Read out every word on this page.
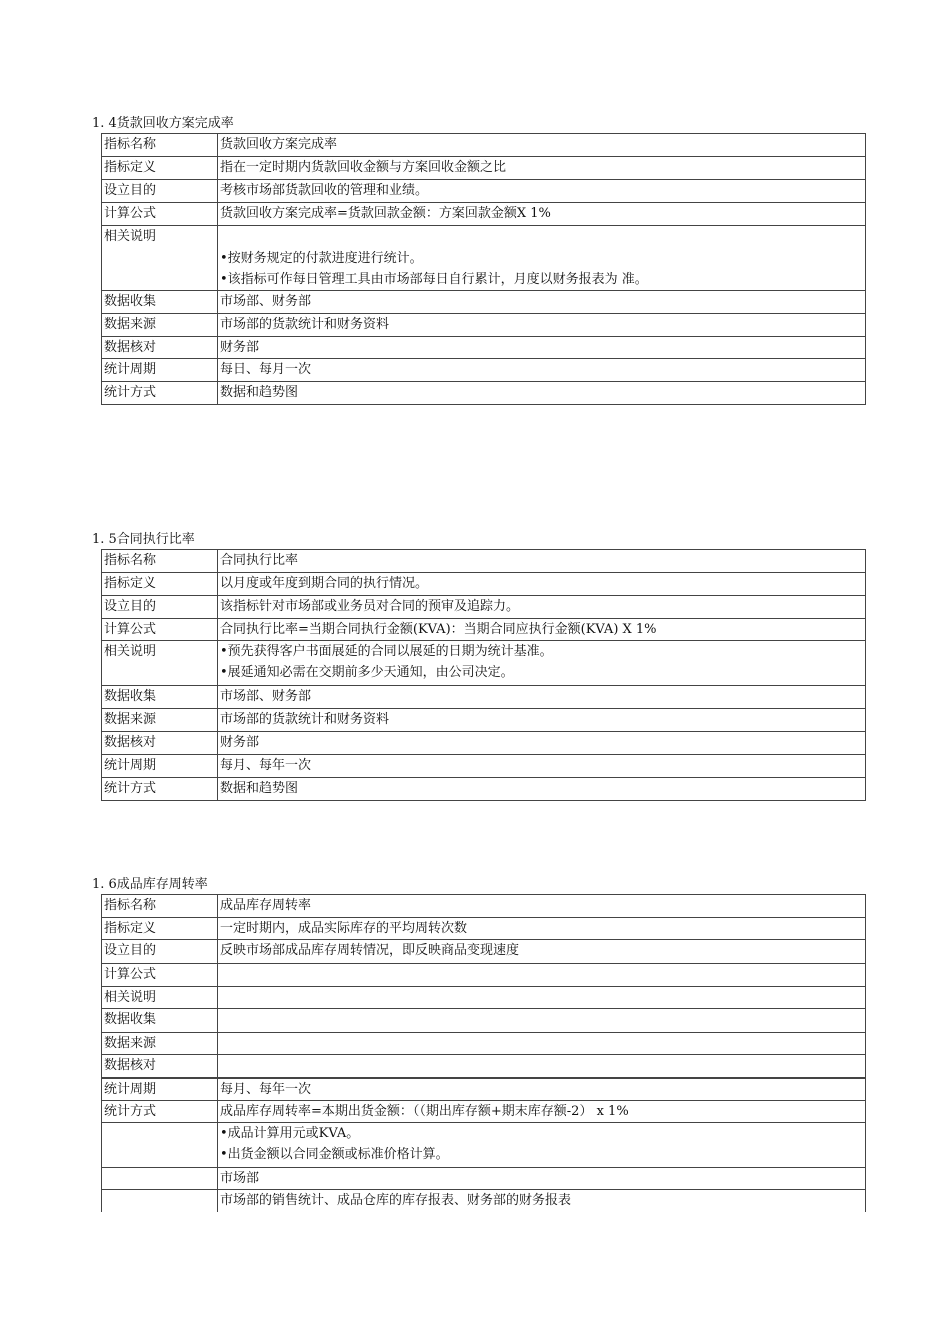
1. 4货款回收方案完成率
指标名称	货款回收方案完成率
指标定义	指在一定时期内货款回收金额与方案回收金额之比
设立目的	考核市场部货款回收的管理和业绩。
计算公式	货款回收方案完成率=货款回款金额：方案回款金额X 1%
相关说明	•按财务规定的付款进度进行统计。
•该指标可作每日管理工具由市场部每日自行累计，月度以财务报表为 准。

数据收集	市场部、财务部
数据来源	市场部的货款统计和财务资料
数据核对	财务部
统计周期	每日、每月一次
统计方式	数据和趋势图
1. 5合同执行比率
指标名称	合同执行比率
指标定义	以月度或年度到期合同的执行情况。
设立目的	该指标针对市场部或业务员对合同的预审及追踪力。
计算公式	合同执行比率=当期合同执行金额(KVA)：当期合同应执行金额(KVA) X 1%
相关说明	•预先获得客户书面展延的合同以展延的日期为统计基准。
•展延通知必需在交期前多少天通知，由公司决定。

数据收集	市场部、财务部
数据来源	市场部的货款统计和财务资料
数据核对	财务部
统计周期	每月、每年一次
统计方式	数据和趋势图
1. 6成品库存周转率
指标名称	成品库存周转率
指标定义	一定时期内，成品实际库存的平均周转次数
设立目的	反映市场部成品库存周转情况，即反映商品变现速度
计算公式	
相关说明	
数据收集	
数据来源	
数据核对	
统计周期	每月、每年一次
统计方式	成品库存周转率=本期出货金额：（（期出库存额+期末库存额-2） x 1%

	•成品计算用元或KVA。
•出货金额以合同金额或标准价格计算。

	市场部
	市场部的销售统计、成品仓库的库存报表、财务部的财务报表
